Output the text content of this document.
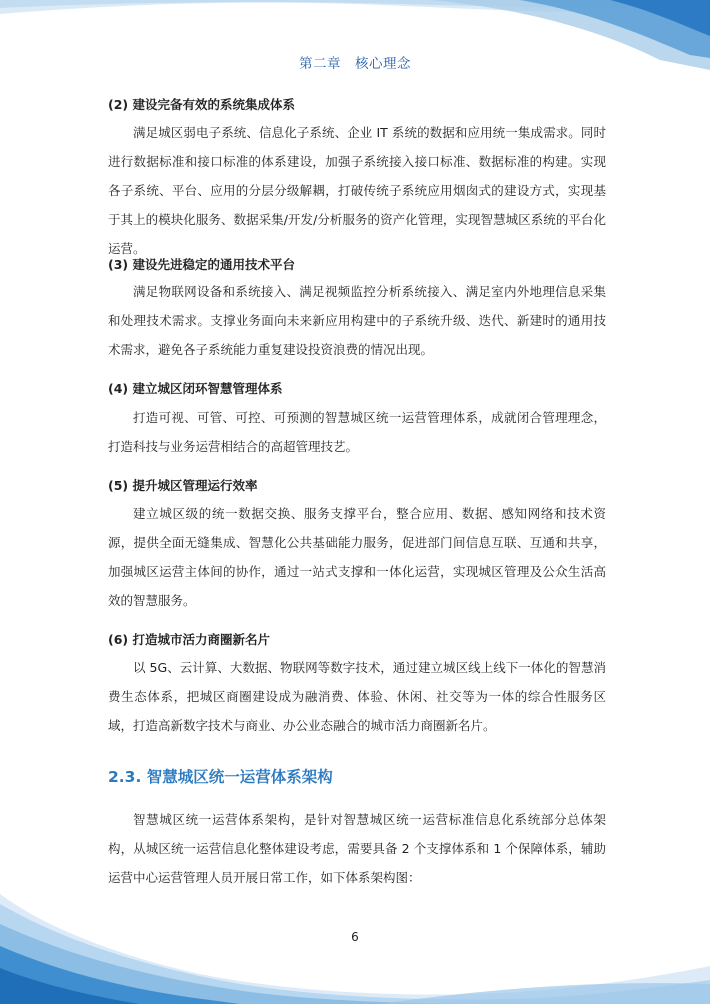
第二章　核心理念
(2) 建设完备有效的系统集成体系
满足城区弱电子系统、信息化子系统、企业 IT 系统的数据和应用统一集成需求。同时进行数据标准和接口标准的体系建设，加强子系统接入接口标准、数据标准的构建。实现各子系统、平台、应用的分层分级解耦，打破传统子系统应用烟囱式的建设方式，实现基于其上的模块化服务、数据采集/开发/分析服务的资产化管理，实现智慧城区系统的平台化运营。
(3) 建设先进稳定的通用技术平台
满足物联网设备和系统接入、满足视频监控分析系统接入、满足室内外地理信息采集和处理技术需求。支撑业务面向未来新应用构建中的子系统升级、迭代、新建时的通用技术需求，避免各子系统能力重复建设投资浪费的情况出现。
(4) 建立城区闭环智慧管理体系
打造可视、可管、可控、可预测的智慧城区统一运营管理体系，成就闭合管理理念，打造科技与业务运营相结合的高超管理技艺。
(5) 提升城区管理运行效率
建立城区级的统一数据交换、服务支撑平台，整合应用、数据、感知网络和技术资源，提供全面无缝集成、智慧化公共基础能力服务，促进部门间信息互联、互通和共享，加强城区运营主体间的协作，通过一站式支撑和一体化运营，实现城区管理及公众生活高效的智慧服务。
(6) 打造城市活力商圈新名片
以 5G、云计算、大数据、物联网等数字技术，通过建立城区线上线下一体化的智慧消费生态体系，把城区商圈建设成为融消费、体验、休闲、社交等为一体的综合性服务区域，打造高新数字技术与商业、办公业态融合的城市活力商圈新名片。
2.3. 智慧城区统一运营体系架构
智慧城区统一运营体系架构，是针对智慧城区统一运营标准信息化系统部分总体架构，从城区统一运营信息化整体建设考虑，需要具备 2 个支撑体系和 1 个保障体系，辅助运营中心运营管理人员开展日常工作，如下体系架构图：
6
